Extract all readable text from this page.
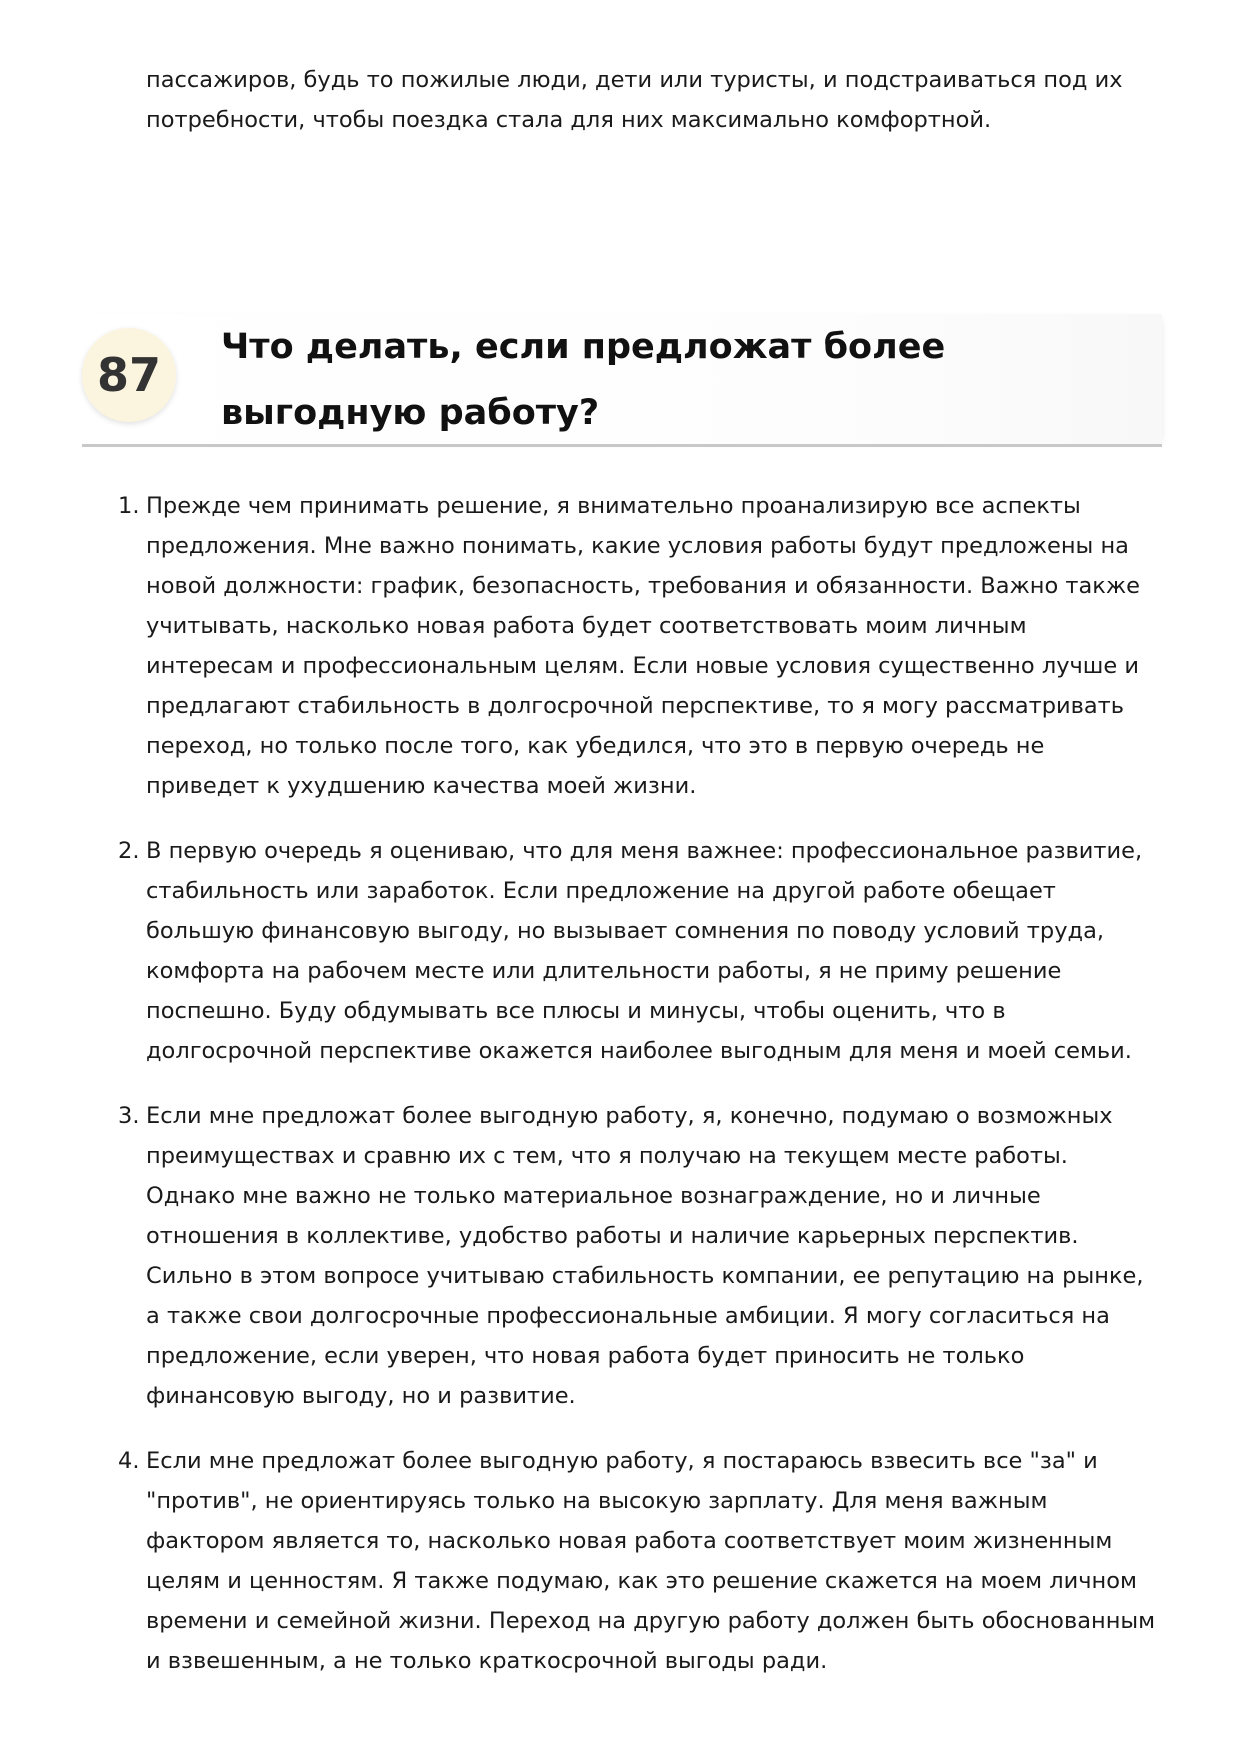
пассажиров, будь то пожилые люди, дети или туристы, и подстраиваться под их потребности, чтобы поездка стала для них максимально комфортной.

87
Что делать, если предложат более выгодную работу?
1. Прежде чем принимать решение, я внимательно проанализирую все аспекты предложения. Мне важно понимать, какие условия работы будут предложены на новой должности: график, безопасность, требования и обязанности. Важно также учитывать, насколько новая работа будет соответствовать моим личным интересам и профессиональным целям. Если новые условия существенно лучше и предлагают стабильность в долгосрочной перспективе, то я могу рассматривать переход, но только после того, как убедился, что это в первую очередь не приведет к ухудшению качества моей жизни.
2. В первую очередь я оцениваю, что для меня важнее: профессиональное развитие, стабильность или заработок. Если предложение на другой работе обещает большую финансовую выгоду, но вызывает сомнения по поводу условий труда, комфорта на рабочем месте или длительности работы, я не приму решение поспешно. Буду обдумывать все плюсы и минусы, чтобы оценить, что в долгосрочной перспективе окажется наиболее выгодным для меня и моей семьи.
3. Если мне предложат более выгодную работу, я, конечно, подумаю о возможных преимуществах и сравню их с тем, что я получаю на текущем месте работы. Однако мне важно не только материальное вознаграждение, но и личные отношения в коллективе, удобство работы и наличие карьерных перспектив. Сильно в этом вопросе учитываю стабильность компании, ее репутацию на рынке, а также свои долгосрочные профессиональные амбиции. Я могу согласиться на предложение, если уверен, что новая работа будет приносить не только финансовую выгоду, но и развитие.
4. Если мне предложат более выгодную работу, я постараюсь взвесить все "за" и "против", не ориентируясь только на высокую зарплату. Для меня важным фактором является то, насколько новая работа соответствует моим жизненным целям и ценностям. Я также подумаю, как это решение скажется на моем личном времени и семейной жизни. Переход на другую работу должен быть обоснованным и взвешенным, а не только краткосрочной выгоды ради.
